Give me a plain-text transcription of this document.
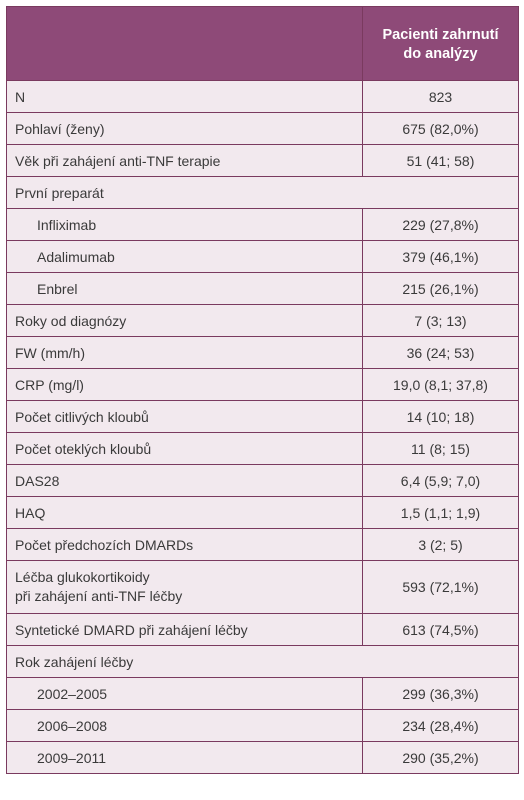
	Pacienti zahrnutí
do analýzy

N	823
Pohlaví (ženy)	675 (82,0%)
Věk při zahájení anti-TNF terapie	51 (41; 58)
První preparát	
Infliximab	229 (27,8%)
Adalimumab	379 (46,1%)
Enbrel	215 (26,1%)
Roky od diagnózy	7 (3; 13)
FW (mm/h)	36 (24; 53)
CRP (mg/l)	19,0 (8,1; 37,8)
Počet citlivých kloubů	14 (10; 18)
Počet oteklých kloubů	11 (8; 15)
DAS28	6,4 (5,9; 7,0)
HAQ	1,5 (1,1; 1,9)
Počet předchozích DMARDs	3 (2; 5)

Léčba glukokortikoidy
při zahájení anti-TNF léčby	593 (72,1%)
Syntetické DMARD při zahájení léčby	613 (74,5%)
Rok zahájení léčby	
2002–2005	299 (36,3%)
2006–2008	234 (28,4%)
2009–2011	290 (35,2%)
